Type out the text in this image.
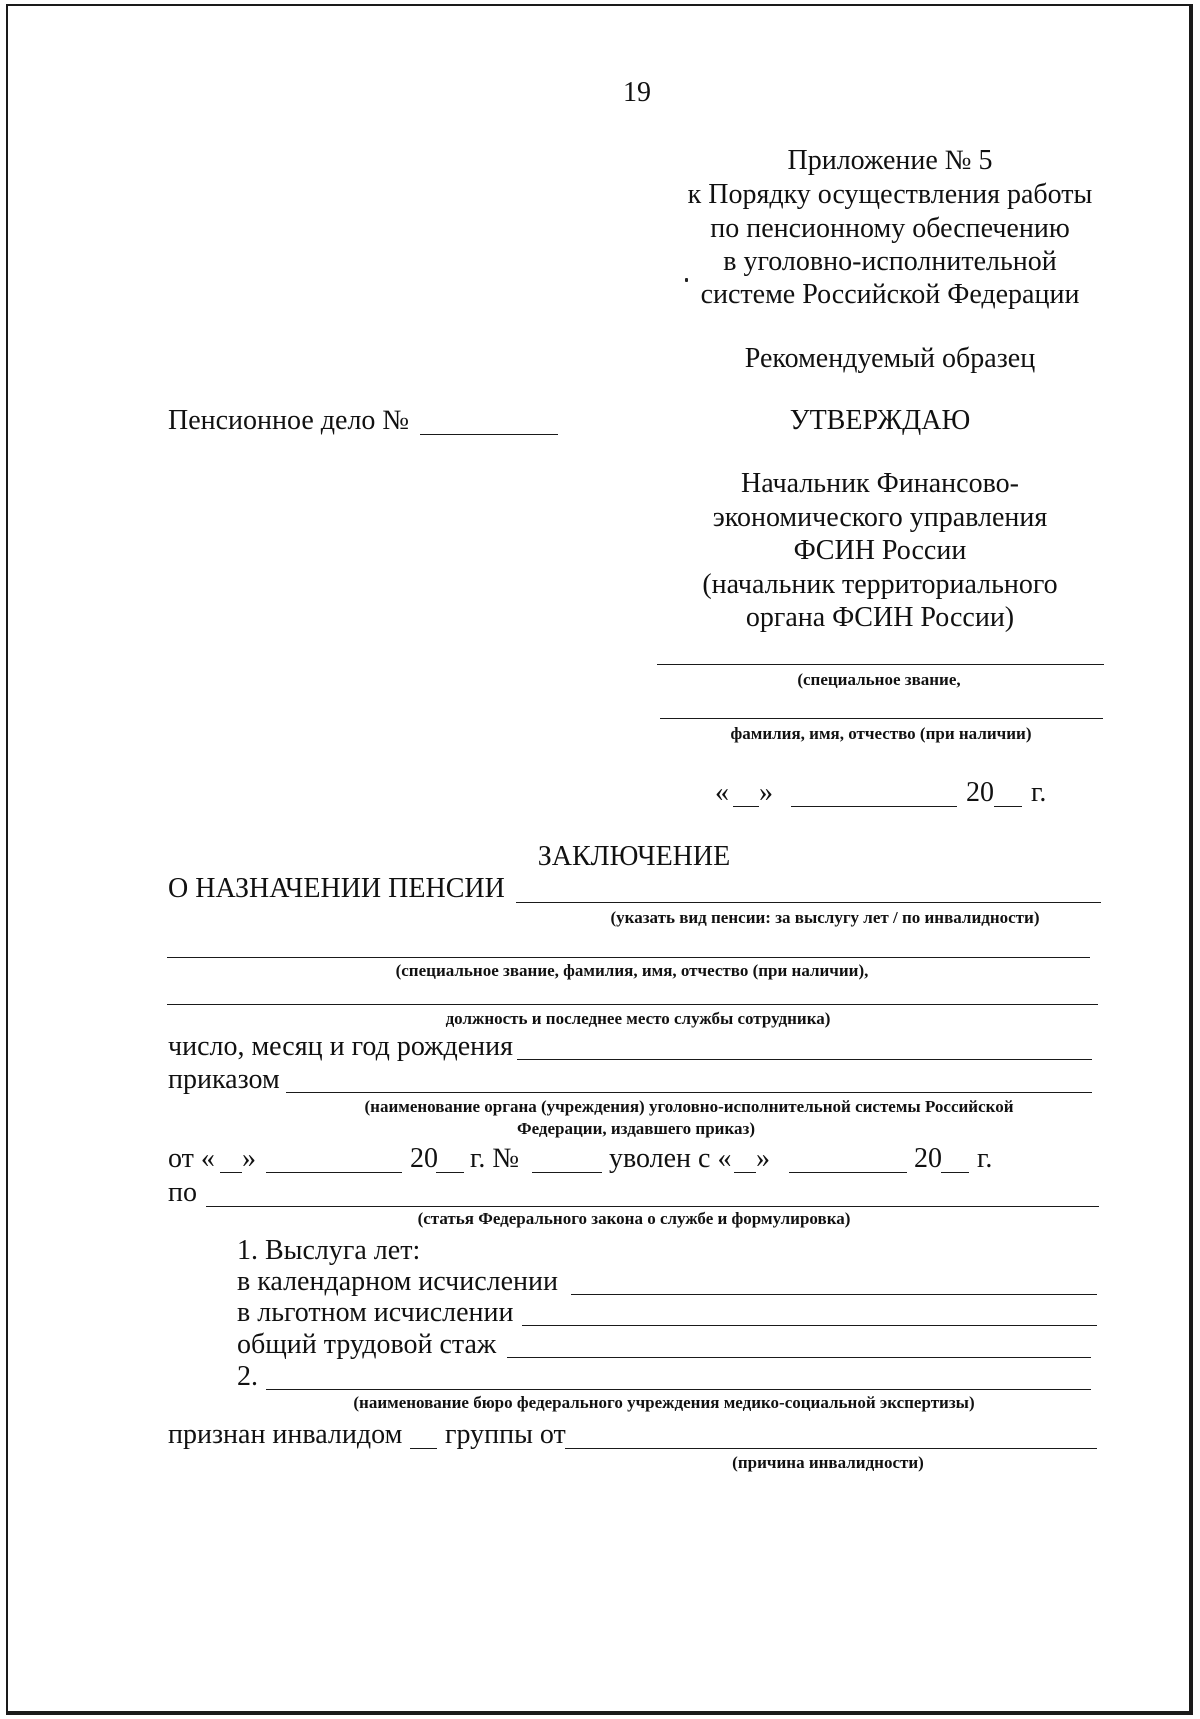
19
Приложение № 5
к Порядку осуществления работы
по пенсионному обеспечению
в уголовно-исполнительной
системе Российской Федерации
Рекомендуемый образец
Пенсионное дело №	УТВЕРЖДАЮ
Начальник Финансово-
экономического управления
ФСИН России
(начальник территориального
органа ФСИН России)
(специальное звание,
фамилия, имя, отчество (при наличии)
« »	20 г.
ЗАКЛЮЧЕНИЕ
О НАЗНАЧЕНИИ ПЕНСИИ
(указать вид пенсии: за выслугу лет / по инвалидности)
(специальное звание, фамилия, имя, отчество (при наличии),
должность и последнее место службы сотрудника)
число, месяц и год рождения
приказом
(наименование органа (учреждения) уголовно-исполнительной системы Российской
Федерации, издавшего приказ)
от « »	20 г. №	уволен с « »	20 г.
по
(статья Федерального закона о службе и формулировка)
1. Выслуга лет:
в календарном исчислении
в льготном исчислении
общий трудовой стаж
2.
(наименование бюро федерального учреждения медико-социальной экспертизы)
признан инвалидом группы от
(причина инвалидности)
